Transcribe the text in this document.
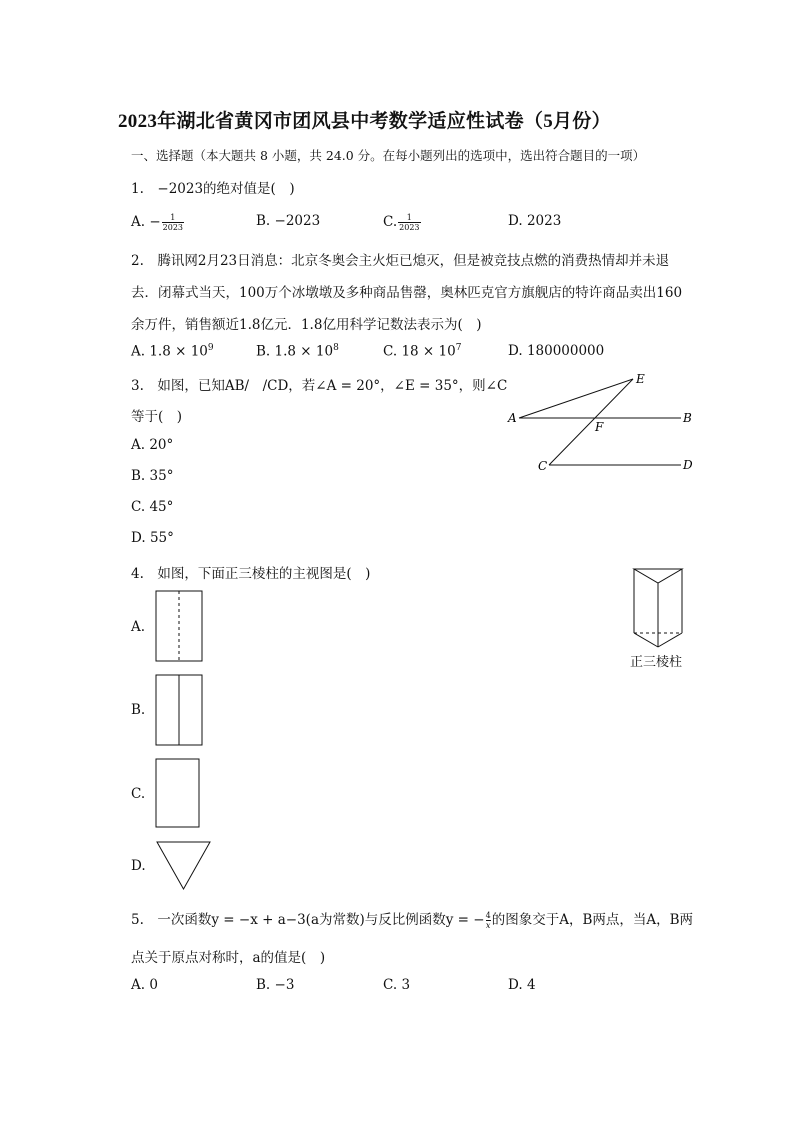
2023年湖北省黄冈市团风县中考数学适应性试卷（5月份）
一、选择题（本大题共 8 小题，共 24.0 分。在每小题列出的选项中，选出符合题目的一项）
1.　−2023的绝对值是(　)
A. − $\frac{1}{2023}$	B. −2023	C. $\frac{1}{2023}$	D. 2023
2.　腾讯网2月23日消息：北京冬奥会主火炬已熄灭，但是被竞技点燃的消费热情却并未退
去．闭幕式当天，100万个冰墩墩及多种商品售罄，奥林匹克官方旗舰店的特许商品卖出160
余万件，销售额近1.8亿元．1.8亿用科学记数法表示为(　)
A. $1.8 \times 10^9$	B. $1.8 \times 10^8$	C. $18 \times 10^7$	D. 180000000
3.　如图，已知AB/　/CD，若∠A = 20°，∠E = 35°，则∠C
等于(　)
A. 20°
B. 35°
C. 45°
D. 55°
A	B
C	D
E
F
4.　如图，下面正三棱柱的主视图是(　)
A.
B.
C.
D.
正三棱柱
5.　一次函数y = −x + a−3(a为常数)与反比例函数y = − $\frac{4}{x}$ 的图象交于A，B两点，当A，B两
点关于原点对称时，a的值是(　)
A. 0	B. −3	C. 3	D. 4
